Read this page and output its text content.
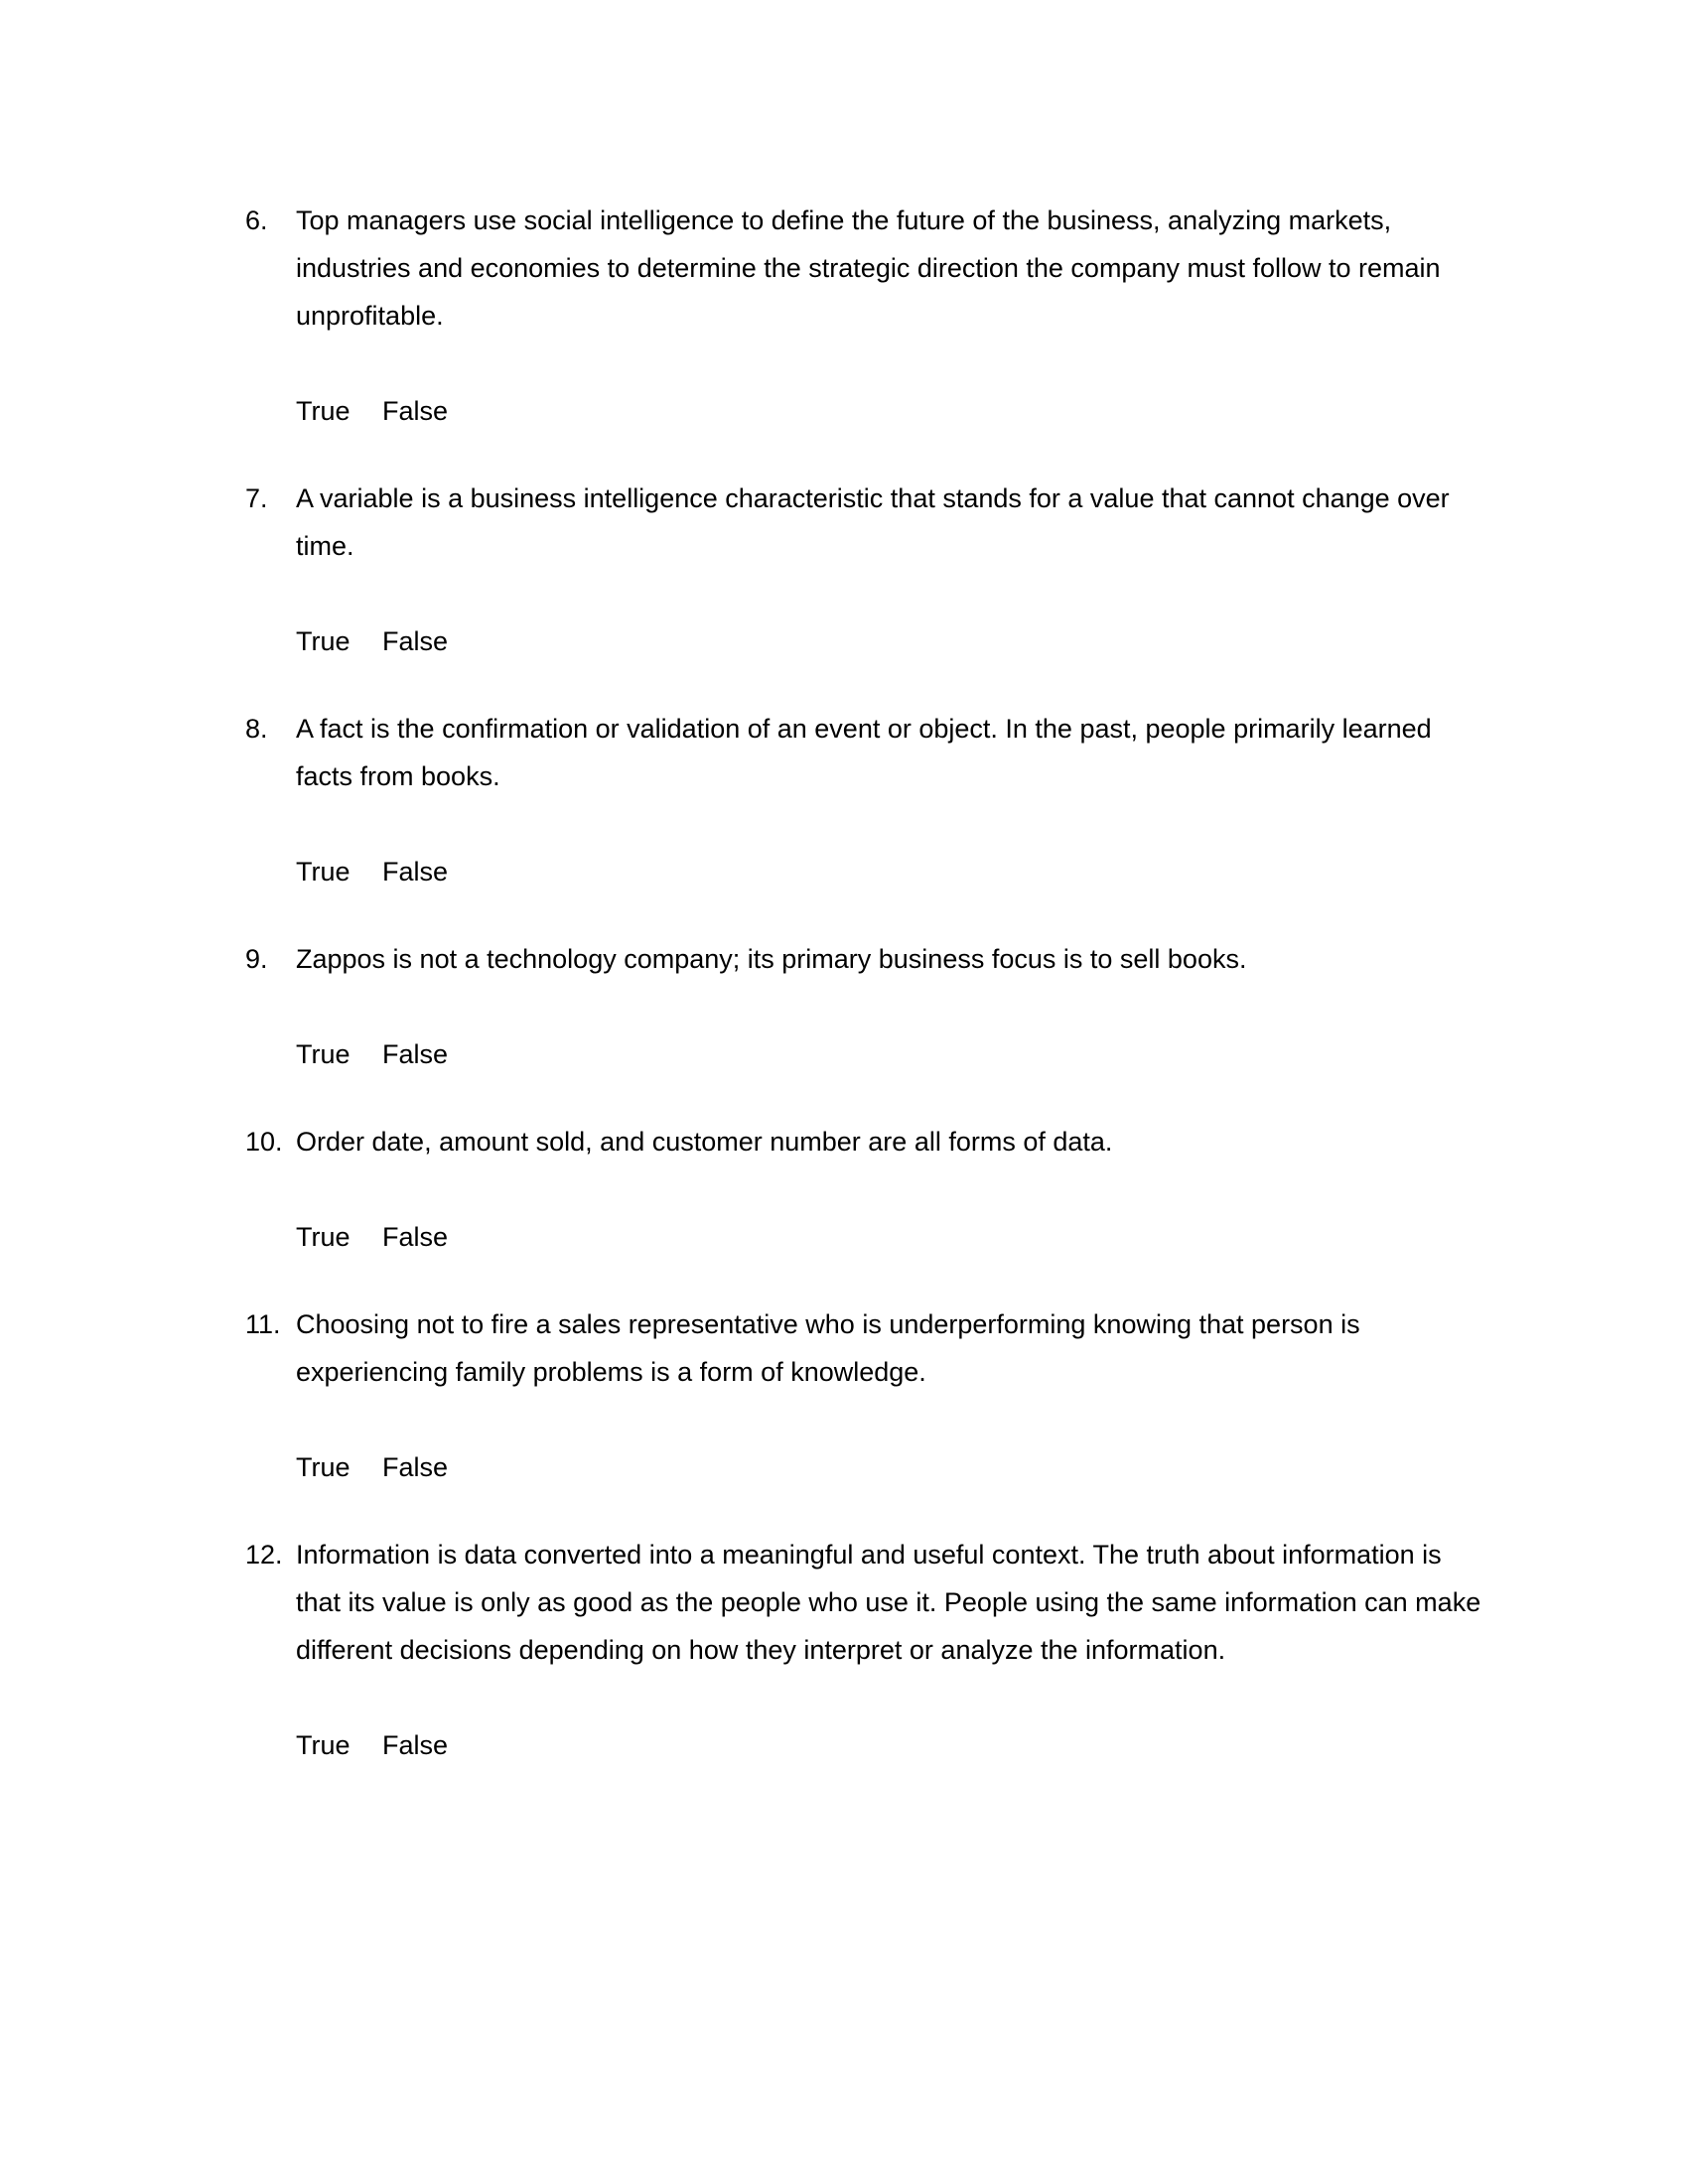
6. Top managers use social intelligence to define the future of the business, analyzing markets, industries and economies to determine the strategic direction the company must follow to remain unprofitable.
True False
7. A variable is a business intelligence characteristic that stands for a value that cannot change over time.
True False
8. A fact is the confirmation or validation of an event or object. In the past, people primarily learned facts from books.
True False
9. Zappos is not a technology company; its primary business focus is to sell books.
True False
10. Order date, amount sold, and customer number are all forms of data.
True False
11. Choosing not to fire a sales representative who is underperforming knowing that person is experiencing family problems is a form of knowledge.
True False
12. Information is data converted into a meaningful and useful context. The truth about information is that its value is only as good as the people who use it. People using the same information can make different decisions depending on how they interpret or analyze the information.
True False
